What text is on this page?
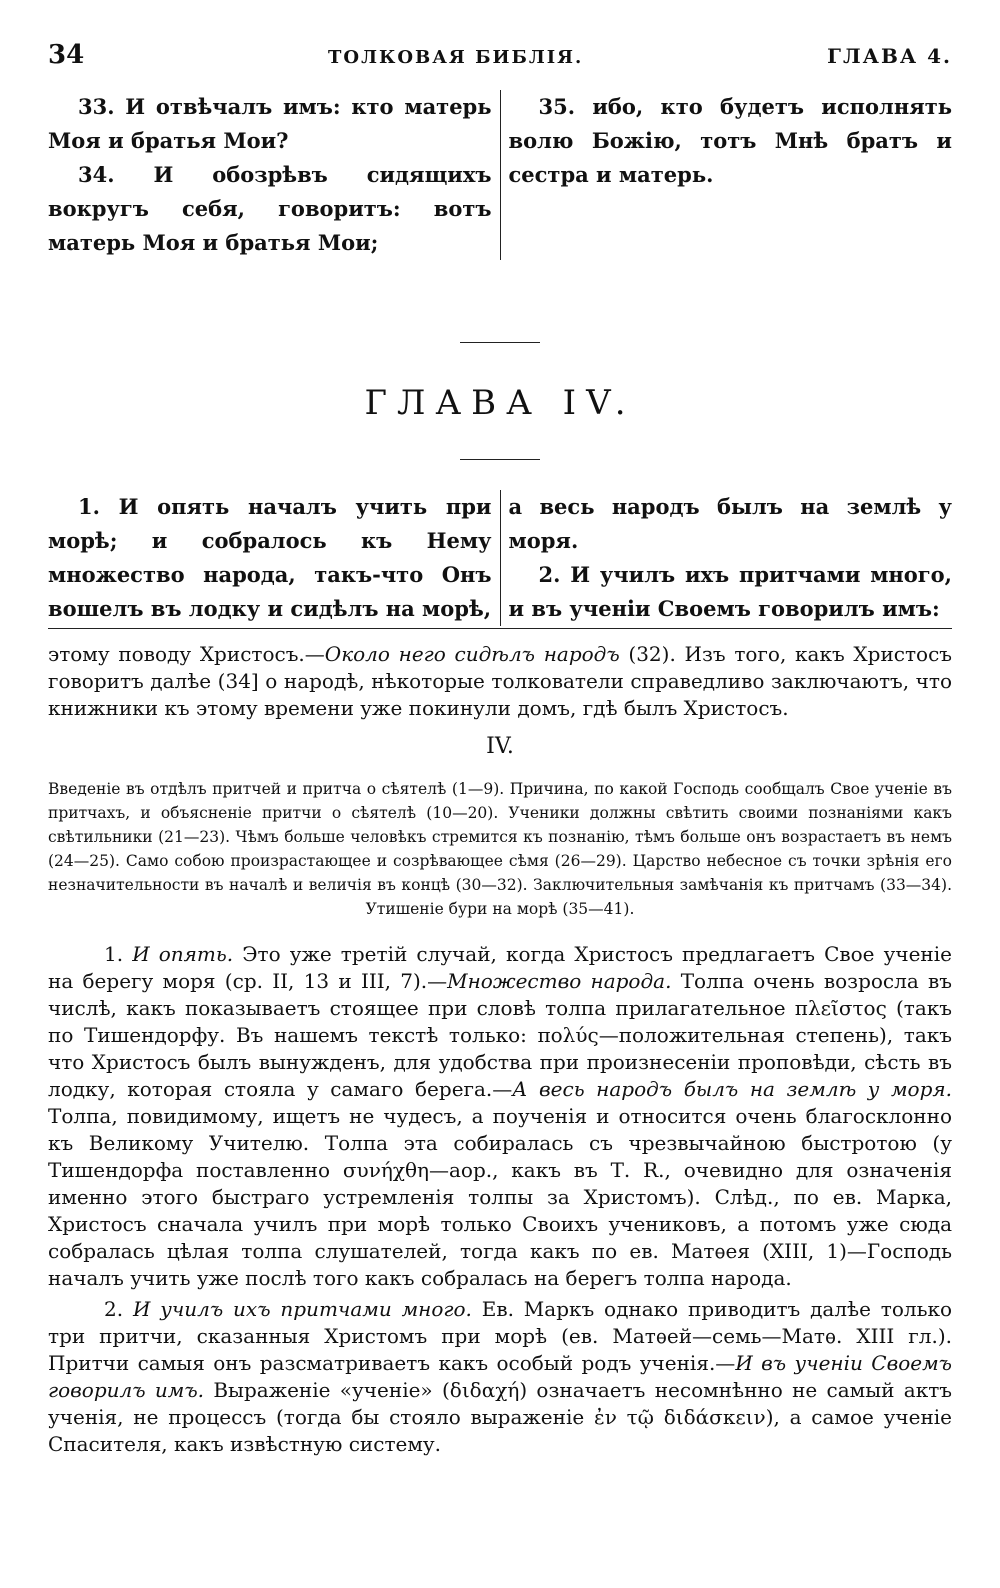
34	ТОЛКОВАЯ БИБЛІЯ.	ГЛАВА 4.

33. И отвѣчалъ имъ: кто матерь Моя и братья Мои?

34. И обозрѣвъ сидящихъ вокругъ себя, говоритъ: вотъ матерь Моя и братья Мои;

35. ибо, кто будетъ исполнять волю Божію, тотъ Мнѣ братъ и сестра и матерь.

ГЛАВА IV.

1. И опять началъ учить при морѣ; и собралось къ Нему множество народа, такъ-что Онъ вошелъ въ лодку и сидѣлъ на морѣ,

а весь народъ былъ на землѣ у моря.

2. И училъ ихъ притчами много, и въ ученіи Своемъ говорилъ имъ:

этому поводу Христосъ.—Около него сидѣлъ народъ (32). Изъ того, какъ Христосъ говоритъ далѣе (34] о народѣ, нѣкоторые толкователи справедливо заключаютъ, что книжники къ этому времени уже покинули домъ, гдѣ былъ Христосъ.

IV.
Введеніе въ отдѣлъ притчей и притча о сѣятелѣ (1—9). Причина, по какой Господь сообщалъ Свое ученіе въ притчахъ, и объясненіе притчи о сѣятелѣ (10—20). Ученики должны свѣтить своими познаніями какъ свѣтильники (21—23). Чѣмъ больше человѣкъ стремится къ познанію, тѣмъ больше онъ возрастаетъ въ немъ (24—25). Само собою произрастающее и созрѣвающее сѣмя (26—29). Царство небесное съ точки зрѣнія его незначительности въ началѣ и величія въ концѣ (30—32). Заключительныя замѣчанія къ притчамъ (33—34). Утишеніе бури на морѣ (35—41).

1. И опять. Это уже третій случай, когда Христосъ предлагаетъ Свое ученіе на берегу моря (ср. II, 13 и III, 7).—Множество народа. Толпа очень возросла въ числѣ, какъ показываетъ стоящее при словѣ толпа прилагательное πλεῖστος (такъ по Тишендорфу. Въ нашемъ текстѣ только: πολύς—положительная степень), такъ что Христосъ былъ вынужденъ, для удобства при произнесеніи проповѣди, сѣсть въ лодку, которая стояла у самаго берега.—А весь народъ былъ на землѣ у моря. Толпа, повидимому, ищетъ не чудесъ, а поученія и относится очень благосклонно къ Великому Учителю. Толпа эта собиралась съ чрезвычайною быстротою (у Тишендорфа поставленно συνήχθη—аор., какъ въ Т. R., очевидно для означенія именно этого быстраго устремленія толпы за Христомъ). Слѣд., по ев. Марка, Христосъ сначала училъ при морѣ только Своихъ учениковъ, а потомъ уже сюда собралась цѣлая толпа слушателей, тогда какъ по ев. Матѳея (XIII, 1)—Господь началъ учить уже послѣ того какъ собралась на берегъ толпа народа.

2. И училъ ихъ притчами много. Ев. Маркъ однако приводитъ далѣе только три притчи, сказанныя Христомъ при морѣ (ев. Матѳей—семь—Матѳ. XIII гл.). Притчи самыя онъ разсматриваетъ какъ особый родъ ученія.—И въ ученіи Своемъ говорилъ имъ. Выраженіе «ученіе» (διδαχή) означаетъ несомнѣнно не самый актъ ученія, не процессъ (тогда бы стояло выраженіе ἐν τῷ διδάσκειν), а самое ученіе Спасителя, какъ извѣстную систему.
